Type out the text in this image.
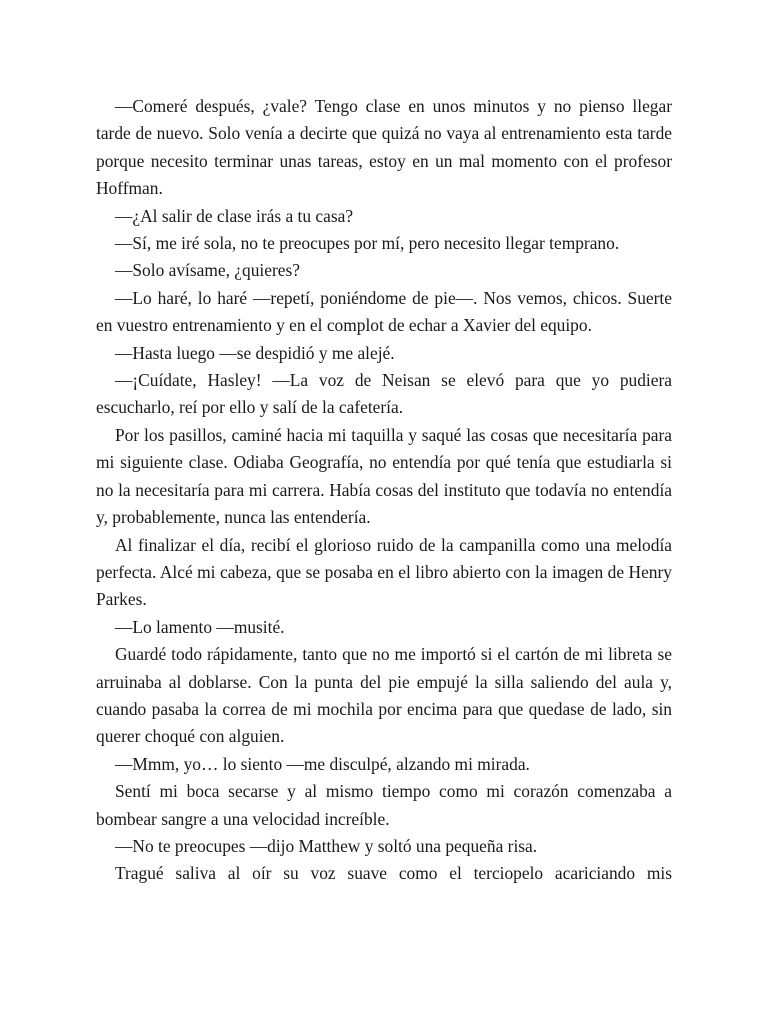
—Comeré después, ¿vale? Tengo clase en unos minutos y no pienso llegar tarde de nuevo. Solo venía a decirte que quizá no vaya al entrenamiento esta tarde porque necesito terminar unas tareas, estoy en un mal momento con el profesor Hoffman.

—¿Al salir de clase irás a tu casa?

—Sí, me iré sola, no te preocupes por mí, pero necesito llegar temprano.

—Solo avísame, ¿quieres?

—Lo haré, lo haré —repetí, poniéndome de pie—. Nos vemos, chicos. Suerte en vuestro entrenamiento y en el complot de echar a Xavier del equipo.

—Hasta luego —se despidió y me alejé.

—¡Cuídate, Hasley! —La voz de Neisan se elevó para que yo pudiera escucharlo, reí por ello y salí de la cafetería.

Por los pasillos, caminé hacia mi taquilla y saqué las cosas que necesitaría para mi siguiente clase. Odiaba Geografía, no entendía por qué tenía que estudiarla si no la necesitaría para mi carrera. Había cosas del instituto que todavía no entendía y, probablemente, nunca las entendería.

Al finalizar el día, recibí el glorioso ruido de la campanilla como una melodía perfecta. Alcé mi cabeza, que se posaba en el libro abierto con la imagen de Henry Parkes.

—Lo lamento —musité.

Guardé todo rápidamente, tanto que no me importó si el cartón de mi libreta se arruinaba al doblarse. Con la punta del pie empujé la silla saliendo del aula y, cuando pasaba la correa de mi mochila por encima para que quedase de lado, sin querer choqué con alguien.

—Mmm, yo… lo siento —me disculpé, alzando mi mirada.

Sentí mi boca secarse y al mismo tiempo como mi corazón comenzaba a bombear sangre a una velocidad increíble.

—No te preocupes —dijo Matthew y soltó una pequeña risa.

Tragué saliva al oír su voz suave como el terciopelo acariciando mis
